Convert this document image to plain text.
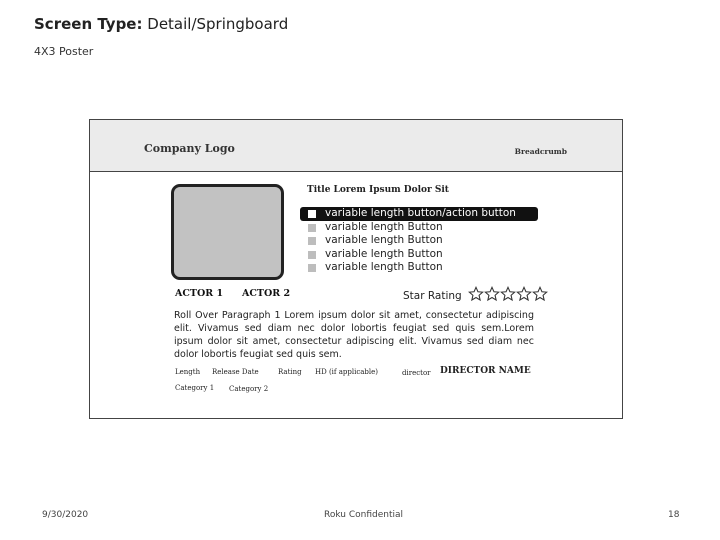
Screen Type: Detail/Springboard
4X3 Poster
Company Logo	Breadcrumb
Title Lorem Ipsum Dolor Sit
variable length button/action button
variable length Button
variable length Button
variable length Button
variable length Button
ACTOR 1 ACTOR 2	Star Rating
Roll Over Paragraph 1 Lorem ipsum dolor sit amet, consectetur adipiscing elit. Vivamus sed diam nec dolor lobortis feugiat sed quis sem.Lorem ipsum dolor sit amet, consectetur adipiscing elit. Vivamus sed diam nec dolor lobortis feugiat sed quis sem.
Length Release Date	Rating HD (if applicable)	director DIRECTOR NAME
Category 1 Category 2
9/30/2020	Roku Confidential	18
